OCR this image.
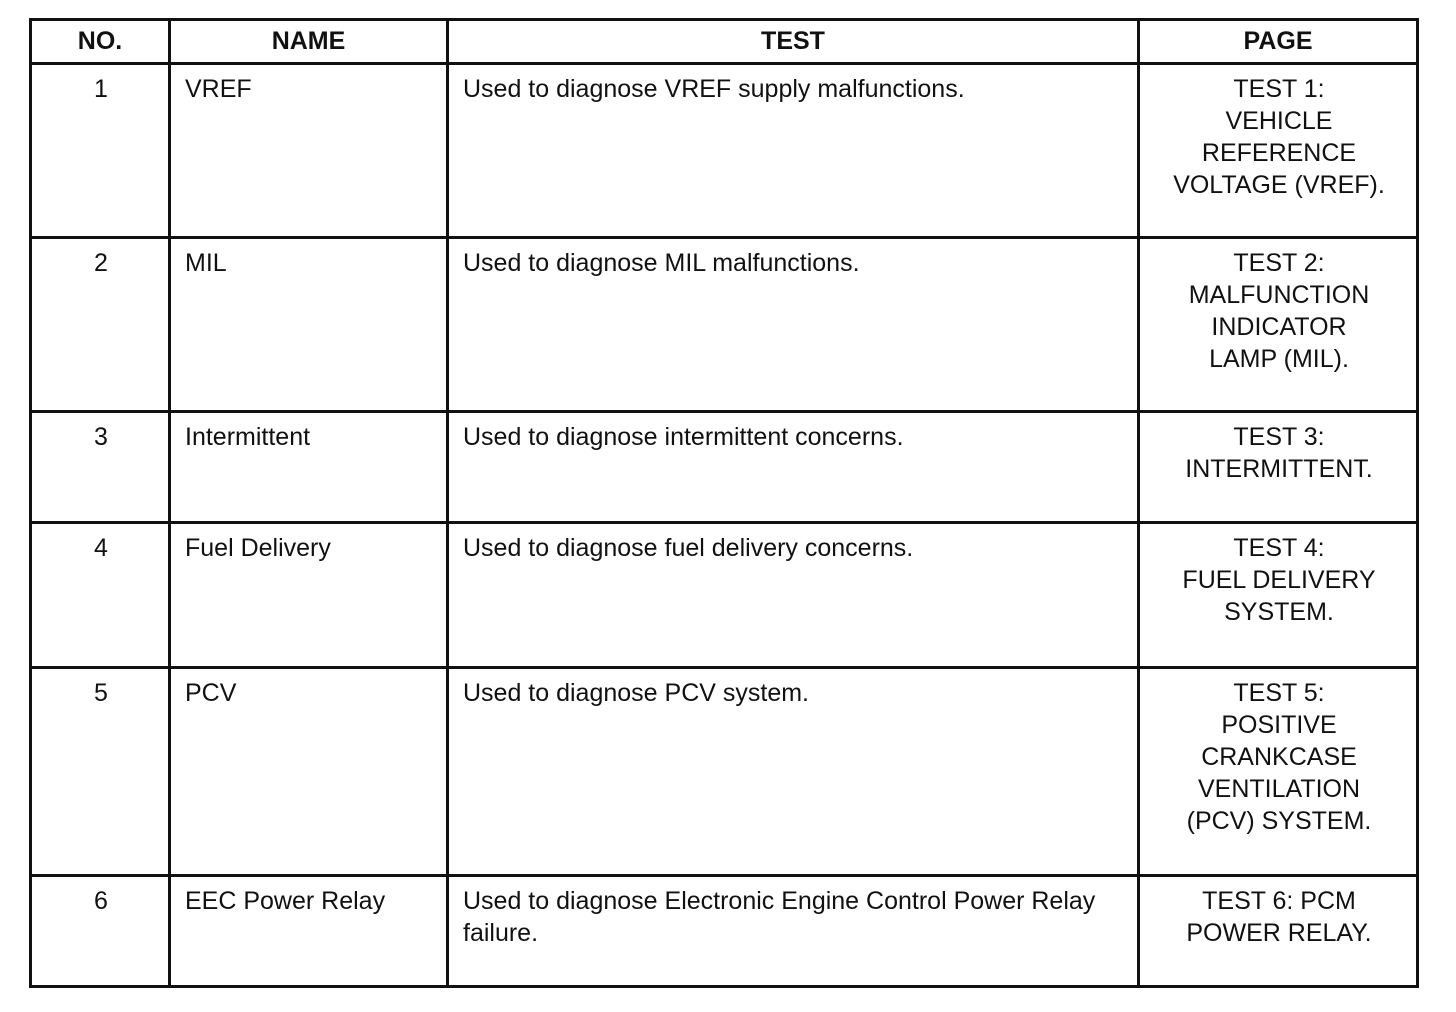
NO.	NAME	TEST	PAGE
1	VREF	Used to diagnose VREF supply malfunctions.	TEST 1:
VEHICLE
REFERENCE
VOLTAGE (VREF).

2	MIL	Used to diagnose MIL malfunctions.	TEST 2:
MALFUNCTION
INDICATOR
LAMP (MIL).

3	Intermittent	Used to diagnose intermittent concerns.	TEST 3:
INTERMITTENT.

4	Fuel Delivery	Used to diagnose fuel delivery concerns.	TEST 4:
FUEL DELIVERY
SYSTEM.

5	PCV	Used to diagnose PCV system.	TEST 5:
POSITIVE
CRANKCASE
VENTILATION
(PCV) SYSTEM.

6	EEC Power Relay	Used to diagnose Electronic Engine Control Power Relay failure.	TEST 6: PCM
POWER RELAY.
